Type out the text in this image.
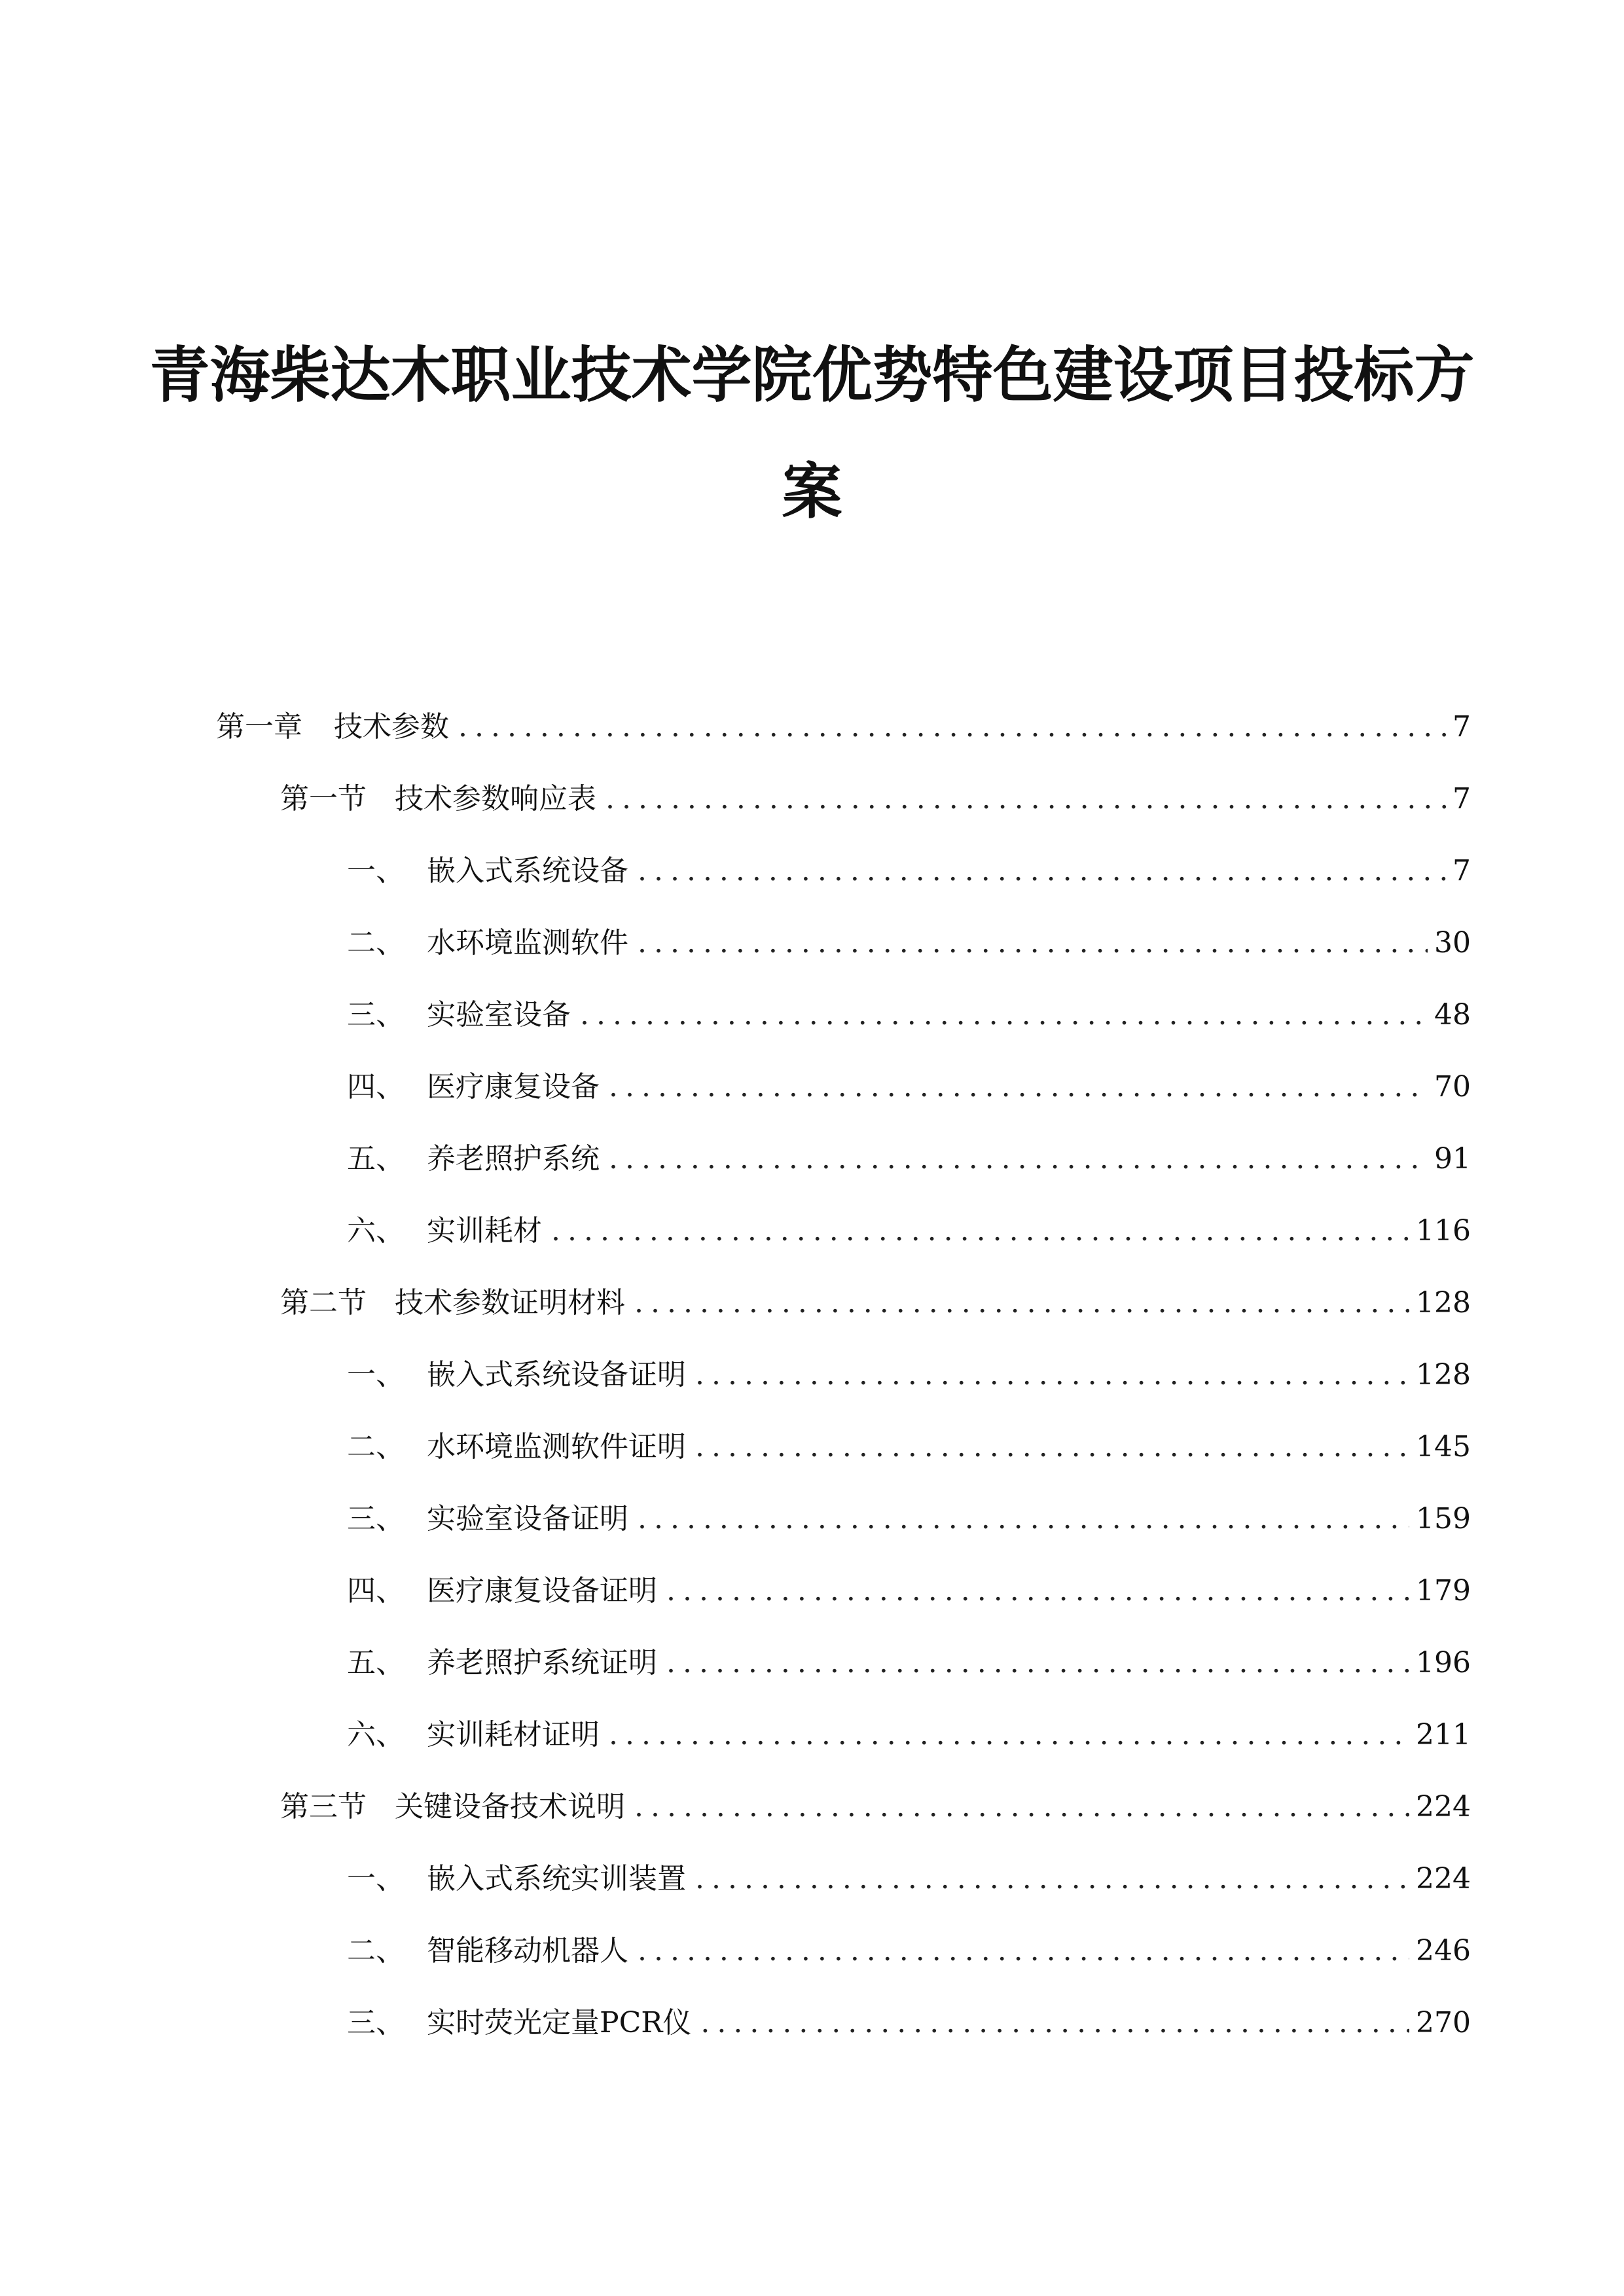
青海柴达木职业技术学院优势特色建设项目投标方
案
第一章	技术参数 .....	7
第一节 技术参数响应表 .....	7
一、 嵌入式系统设备 .....	7
二、 水环境监测软件 .....	30
三、 实验室设备 .....	48
四、 医疗康复设备 .....	70
五、 养老照护系统 .....	91
六、 实训耗材 .....	116
第二节 技术参数证明材料 .....	128
一、 嵌入式系统设备证明 .....	128
二、 水环境监测软件证明 .....	145
三、 实验室设备证明 .....	159
四、 医疗康复设备证明 .....	179
五、 养老照护系统证明 .....	196
六、 实训耗材证明 .....	211
第三节 关键设备技术说明 .....	224
一、 嵌入式系统实训装置 .....	224
二、 智能移动机器人 .....	246
三、 实时荧光定量PCR仪 .....	270
